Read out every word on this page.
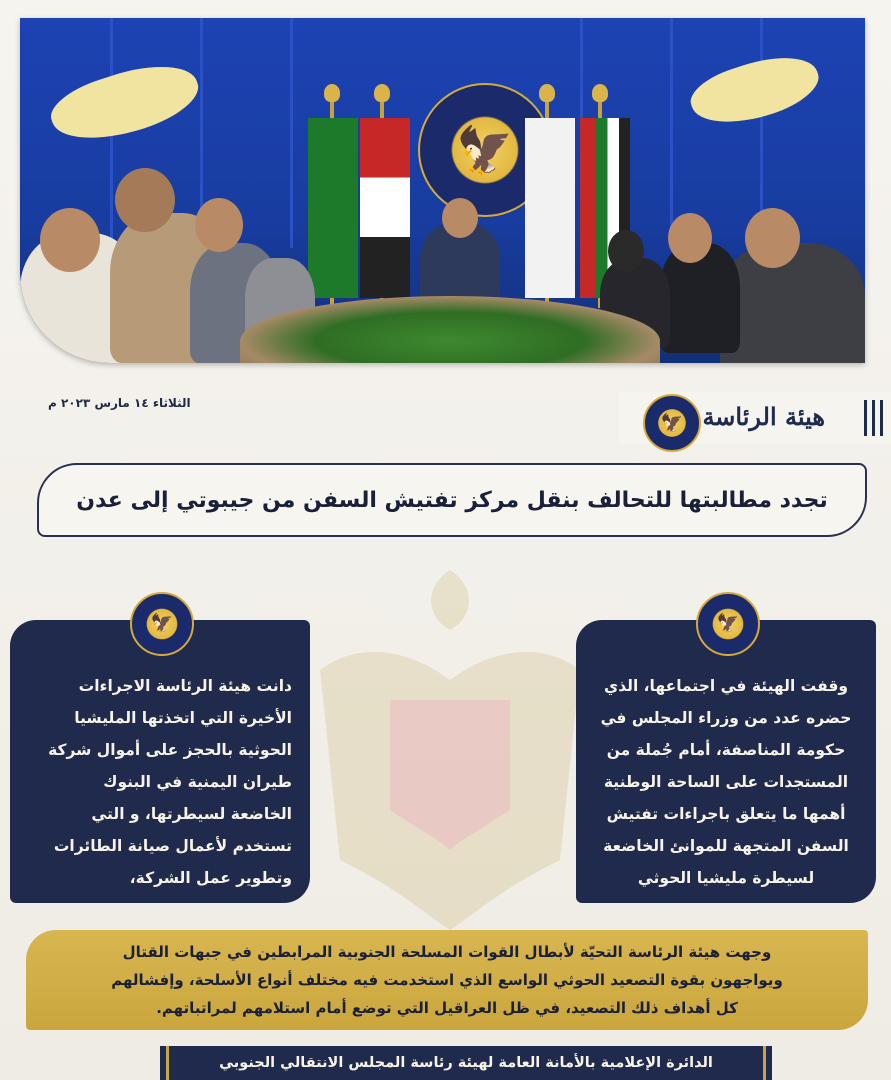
🦅
الثلاثاء ١٤ مارس ٢٠٢٣ م	هيئة الرئاسة
🦅
تجدد مطالبتها للتحالف بنقل مركز تفتيش السفن من جيبوتي إلى عدن
🦅
وقفت الهيئة في اجتماعها، الذي
حضره عدد من وزراء المجلس في
حكومة المناصفة، أمام جُملة من
المستجدات على الساحة الوطنية
أهمها ما يتعلق باجراءات تفتيش
السفن المتجهة للموانئ الخاضعة
لسيطرة مليشيا الحوثي
🦅
دانت هيئة الرئاسة الاجراءات
الأخيرة التي اتخذتها المليشيا
الحوثية بالحجز على أموال شركة
طيران اليمنية في البنوك
الخاضعة لسيطرتها، و التي
تستخدم لأعمال صيانة الطائرات
وتطوير عمل الشركة،
وجهت هيئة الرئاسة التحيّة لأبطال القوات المسلحة الجنوبية المرابطين في جبهات القتال
ويواجهون بقوة التصعيد الحوثي الواسع الذي استخدمت فيه مختلف أنواع الأسلحة، وإفشالهم
كل أهداف ذلك التصعيد، في ظل العراقيل التي توضع أمام استلامهم لمراتباتهم.
الدائرة الإعلامية بالأمانة العامة لهيئة رئاسة المجلس الانتقالي الجنوبي
